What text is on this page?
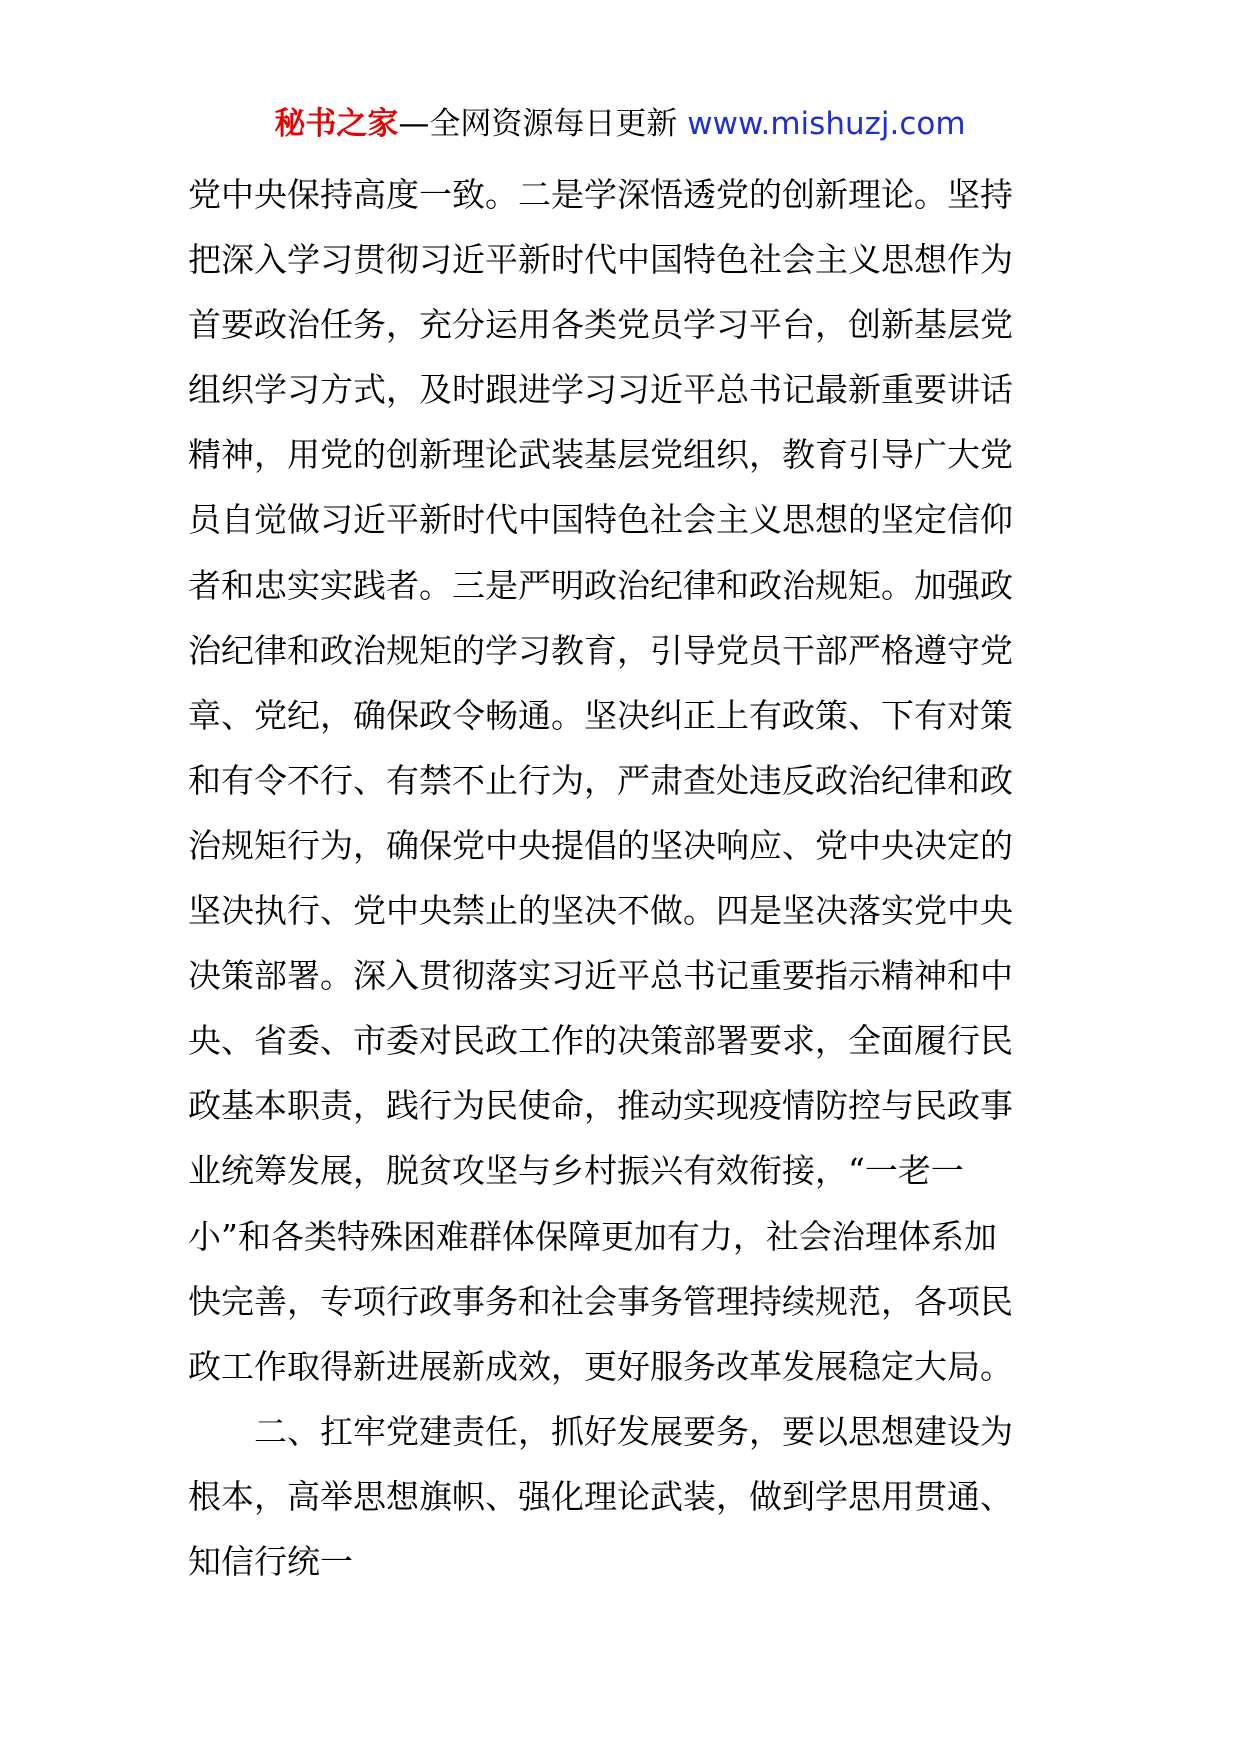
秘书之家—全网资源每日更新 www.mishuzj.com
党中央保持高度一致。二是学深悟透党的创新理论。坚持
把深入学习贯彻习近平新时代中国特色社会主义思想作为
首要政治任务，充分运用各类党员学习平台，创新基层党
组织学习方式，及时跟进学习习近平总书记最新重要讲话
精神，用党的创新理论武装基层党组织，教育引导广大党
员自觉做习近平新时代中国特色社会主义思想的坚定信仰
者和忠实实践者。三是严明政治纪律和政治规矩。加强政
治纪律和政治规矩的学习教育，引导党员干部严格遵守党
章、党纪，确保政令畅通。坚决纠正上有政策、下有对策
和有令不行、有禁不止行为，严肃查处违反政治纪律和政
治规矩行为，确保党中央提倡的坚决响应、党中央决定的
坚决执行、党中央禁止的坚决不做。四是坚决落实党中央
决策部署。深入贯彻落实习近平总书记重要指示精神和中
央、省委、市委对民政工作的决策部署要求，全面履行民
政基本职责，践行为民使命，推动实现疫情防控与民政事
业统筹发展，脱贫攻坚与乡村振兴有效衔接，“一老一
小”和各类特殊困难群体保障更加有力，社会治理体系加
快完善，专项行政事务和社会事务管理持续规范，各项民
政工作取得新进展新成效，更好服务改革发展稳定大局。
二、扛牢党建责任，抓好发展要务，要以思想建设为
根本，高举思想旗帜、强化理论武装，做到学思用贯通、
知信行统一
